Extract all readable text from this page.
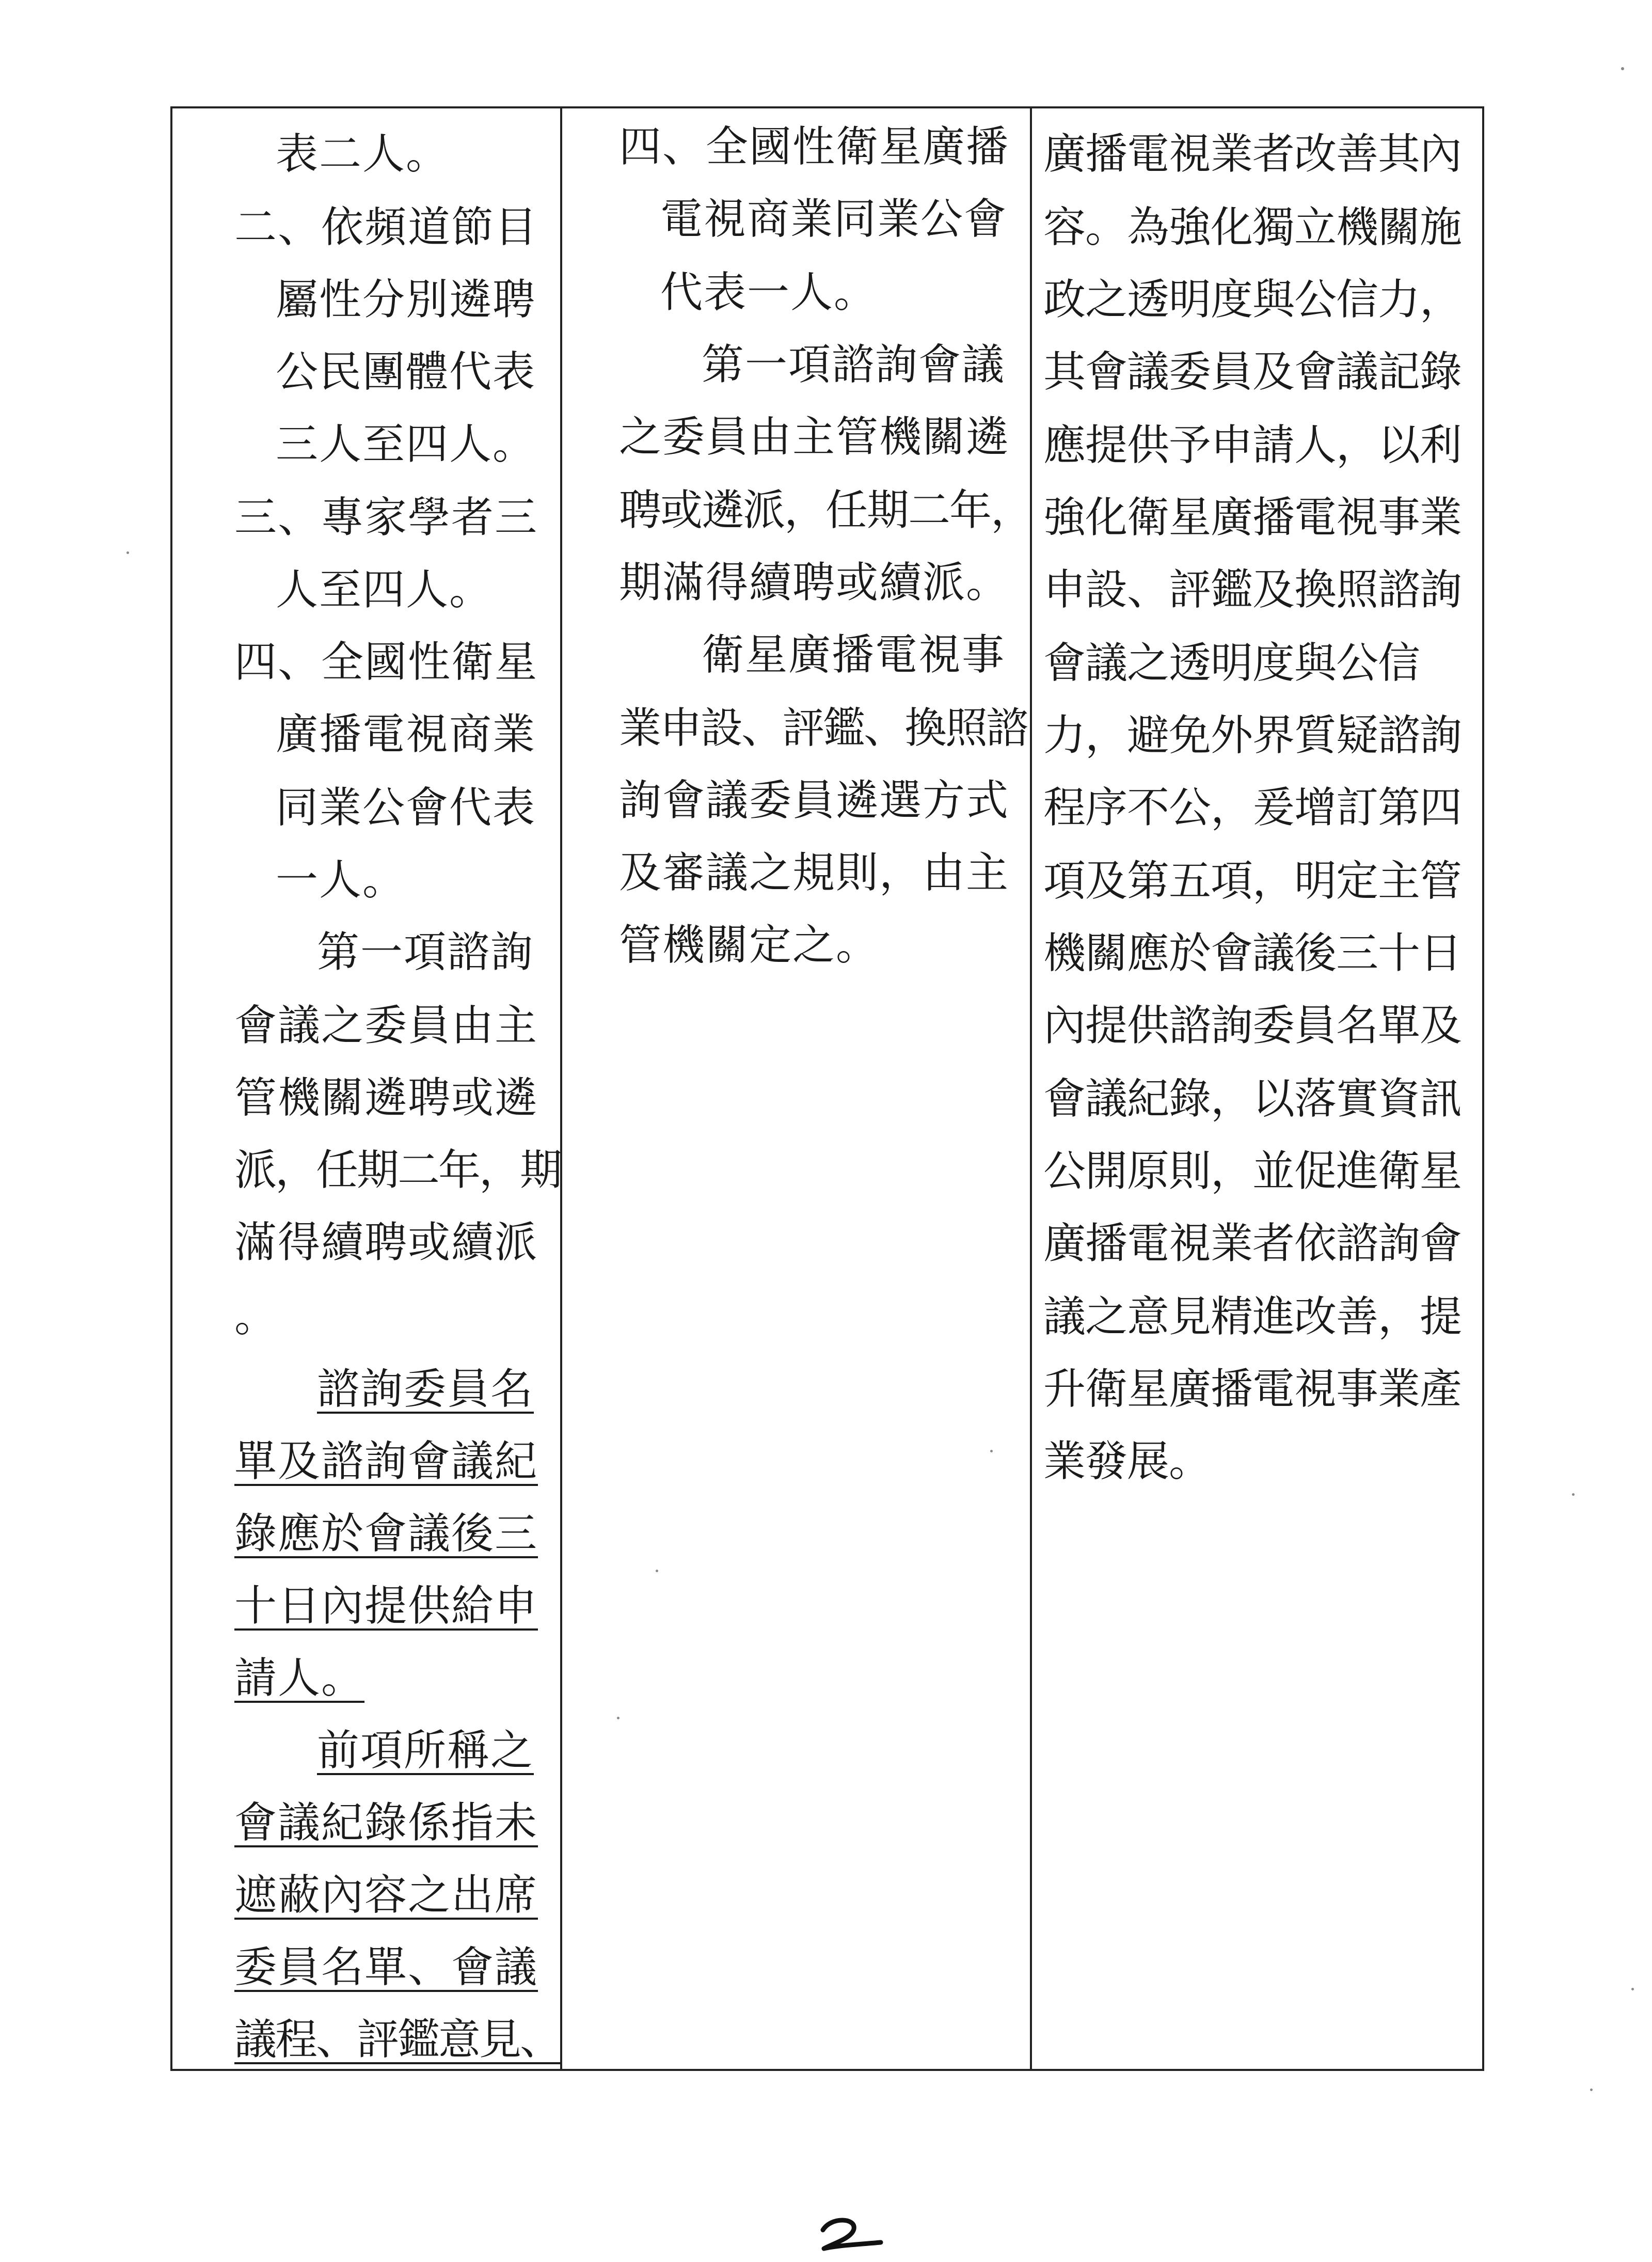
表二人。
二、依頻道節目
屬性分別遴聘
公民團體代表
三人至四人。
三、專家學者三
人至四人。
四、全國性衛星
廣播電視商業
同業公會代表
一人。
第一項諮詢
會議之委員由主
管機關遴聘或遴
派，任期二年，期
滿得續聘或續派
。
諮詢委員名
單及諮詢會議紀
錄應於會議後三
十日內提供給申
請人。
前項所稱之
會議紀錄係指未
遮蔽內容之出席
委員名單、會議
議程、評鑑意見、
四、全國性衛星廣播
電視商業同業公會
代表一人。
第一項諮詢會議
之委員由主管機關遴
聘或遴派，任期二年，
期滿得續聘或續派。
衛星廣播電視事
業申設、評鑑、換照諮
詢會議委員遴選方式
及審議之規則，由主
管機關定之。
廣播電視業者改善其內
容。為強化獨立機關施
政之透明度與公信力，
其會議委員及會議記錄
應提供予申請人，以利
強化衛星廣播電視事業
申設、評鑑及換照諮詢
會議之透明度與公信
力，避免外界質疑諮詢
程序不公，爰增訂第四
項及第五項，明定主管
機關應於會議後三十日
內提供諮詢委員名單及
會議紀錄，以落實資訊
公開原則，並促進衛星
廣播電視業者依諮詢會
議之意見精進改善，提
升衛星廣播電視事業產
業發展。
